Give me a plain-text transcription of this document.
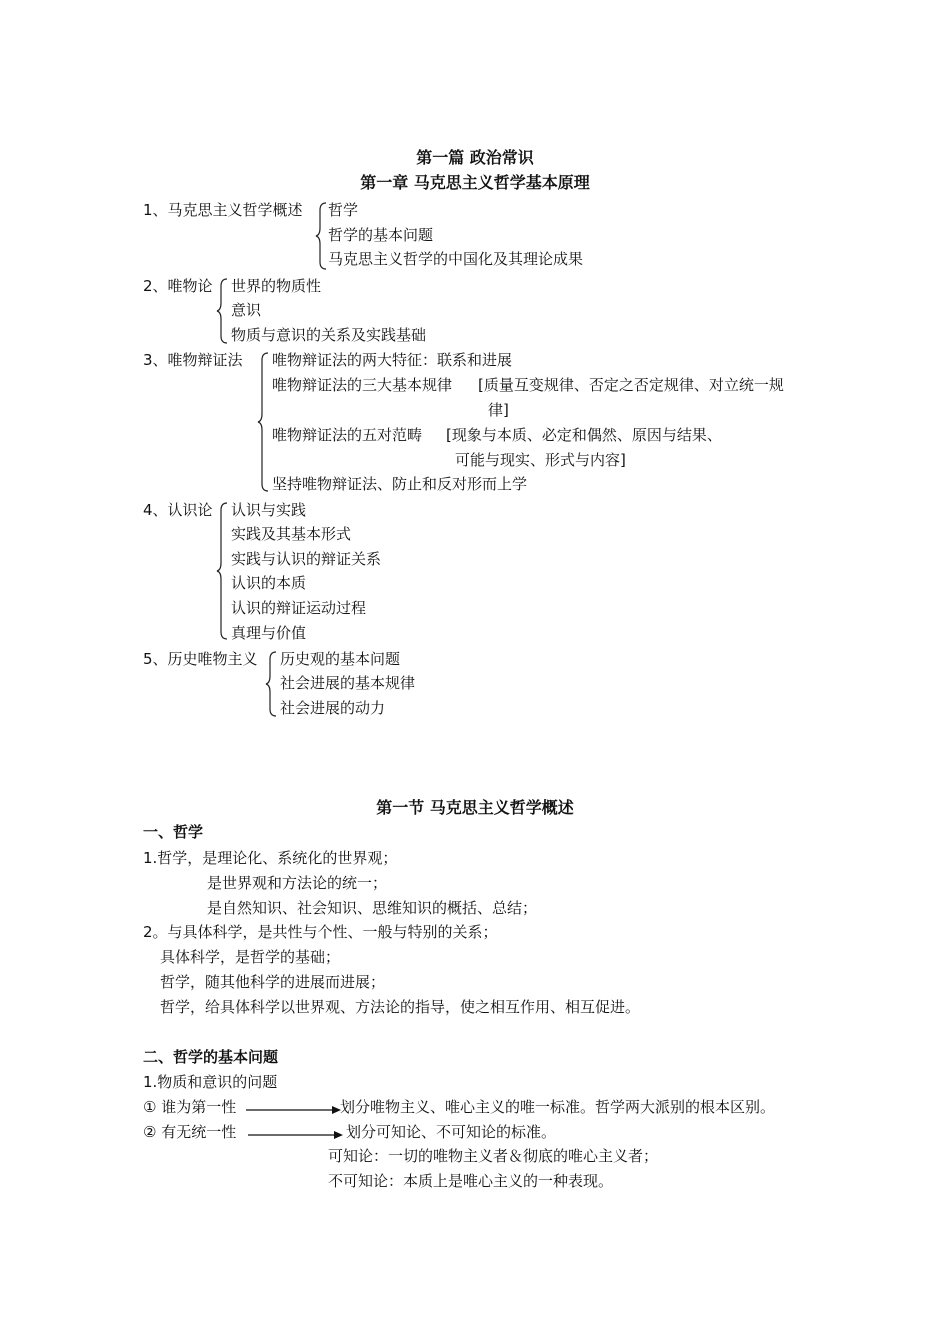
第一篇 政治常识
第一章 马克思主义哲学基本原理
1、马克思主义哲学概述 哲学
哲学的基本问题
马克思主义哲学的中国化及其理论成果
2、唯物论 世界的物质性
意识
物质与意识的关系及实践基础
3、唯物辩证法 唯物辩证法的两大特征：联系和进展
唯物辩证法的三大基本规律 [质量互变规律、否定之否定规律、对立统一规
律]
唯物辩证法的五对范畴 [现象与本质、必定和偶然、原因与结果、
可能与现实、形式与内容]
坚持唯物辩证法、防止和反对形而上学
4、认识论 认识与实践
实践及其基本形式
实践与认识的辩证关系
认识的本质
认识的辩证运动过程
真理与价值
5、历史唯物主义 历史观的基本问题
社会进展的基本规律
社会进展的动力
第一节 马克思主义哲学概述
一、哲学
1.哲学，是理论化、系统化的世界观；
是世界观和方法论的统一；
是自然知识、社会知识、思维知识的概括、总结；
2。与具体科学，是共性与个性、一般与特别的关系；
具体科学，是哲学的基础；
哲学，随其他科学的进展而进展；
哲学，给具体科学以世界观、方法论的指导，使之相互作用、相互促进。
二、哲学的基本问题
1.物质和意识的问题
① 谁为第一性	划分唯物主义、唯心主义的唯一标准。哲学两大派别的根本区别。
② 有无统一性	划分可知论、不可知论的标准。
可知论：一切的唯物主义者＆彻底的唯心主义者；
不可知论：本质上是唯心主义的一种表现。
